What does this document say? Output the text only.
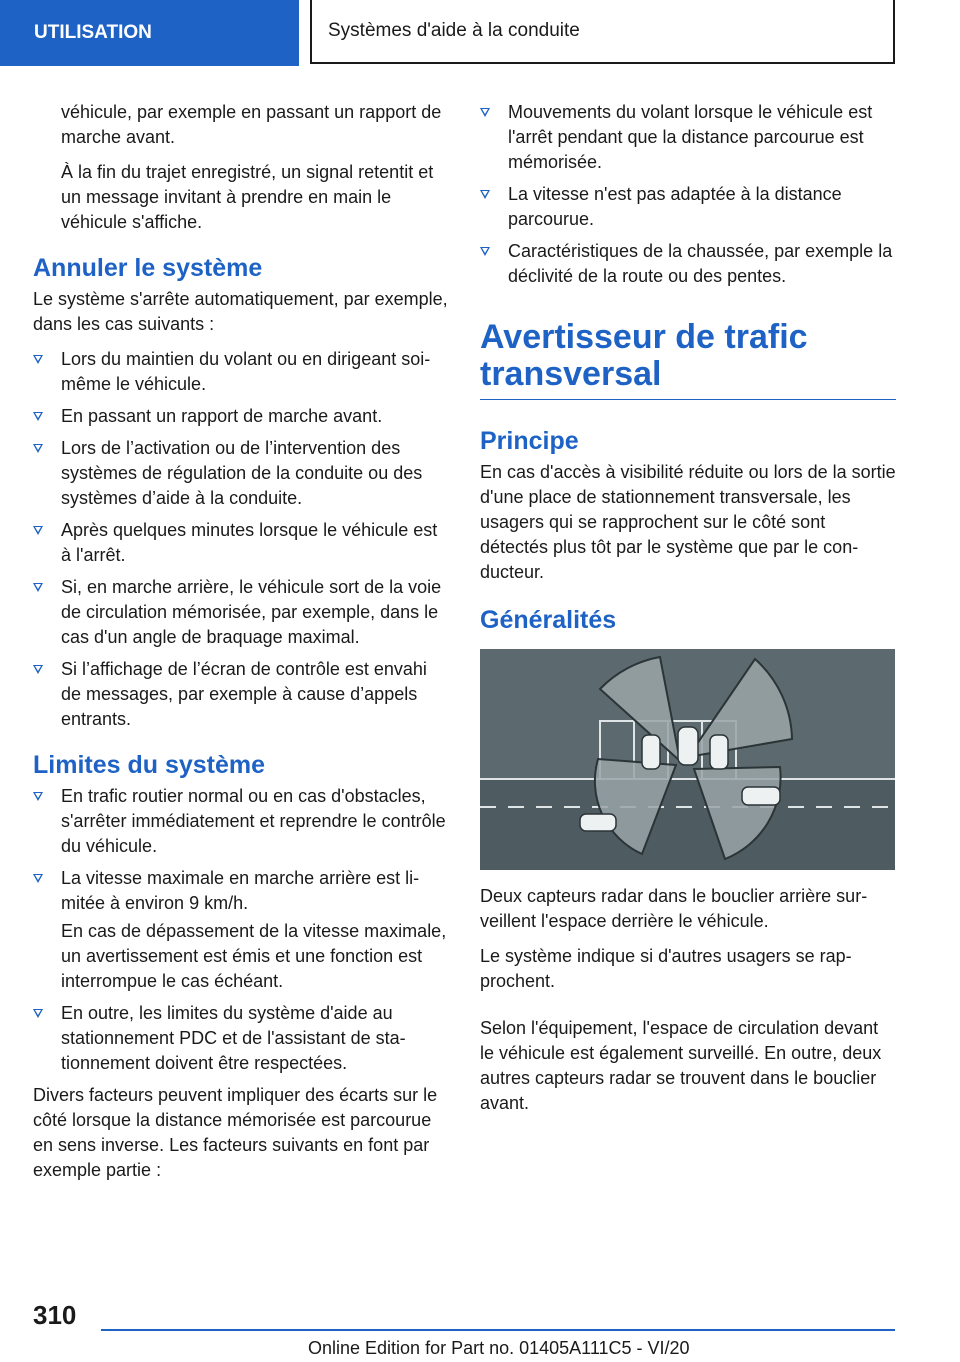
UTILISATION	Systèmes d'aide à la conduite

véhicule, par exemple en passant un rapport de marche avant.

À la fin du trajet enregistré, un signal retentit et un message invitant à prendre en main le véhicule s'affiche.

Annuler le système

Le système s'arrête automatiquement, par exemple, dans les cas suivants :

Lors du maintien du volant ou en dirigeant soi-même le véhicule.
En passant un rapport de marche avant.
Lors de l’activation ou de l’intervention des systèmes de régulation de la conduite ou des systèmes d’aide à la conduite.
Après quelques minutes lorsque le véhicule est à l'arrêt.
Si, en marche arrière, le véhicule sort de la voie de circulation mémorisée, par exemple, dans le cas d'un angle de braquage maximal.
Si l’affichage de l’écran de contrôle est envahi de messages, par exemple à cause d’appels entrants.
Limites du système
En trafic routier normal ou en cas d'obstacles, s'arrêter immédiatement et reprendre le contrôle du véhicule.
La vitesse maximale en marche arrière est limitée à environ 9 km/h.

En cas de dépassement de la vitesse maximale, un avertissement est émis et une fonction est interrompue le cas échéant.

En outre, les limites du système d'aide au stationnement PDC et de l'assistant de stationnement doivent être respectées.

Divers facteurs peuvent impliquer des écarts sur le côté lorsque la distance mémorisée est parcourue en sens inverse. Les facteurs suivants en font par exemple partie :

Mouvements du volant lorsque le véhicule est l'arrêt pendant que la distance parcourue est mémorisée.
La vitesse n'est pas adaptée à la distance parcourue.
Caractéristiques de la chaussée, par exemple la déclivité de la route ou des pentes.
Avertisseur de trafic transversal
Principe

En cas d'accès à visibilité réduite ou lors de la sortie d'une place de stationnement transversale, les usagers qui se rapprochent sur le côté sont détectés plus tôt par le système que par le conducteur.

Généralités

Deux capteurs radar dans le bouclier arrière surveillent l'espace derrière le véhicule.

Le système indique si d'autres usagers se rapprochent.

Selon l'équipement, l'espace de circulation devant le véhicule est également surveillé. En outre, deux autres capteurs radar se trouvent dans le bouclier avant.

310
Online Edition for Part no. 01405A111C5 - VI/20
